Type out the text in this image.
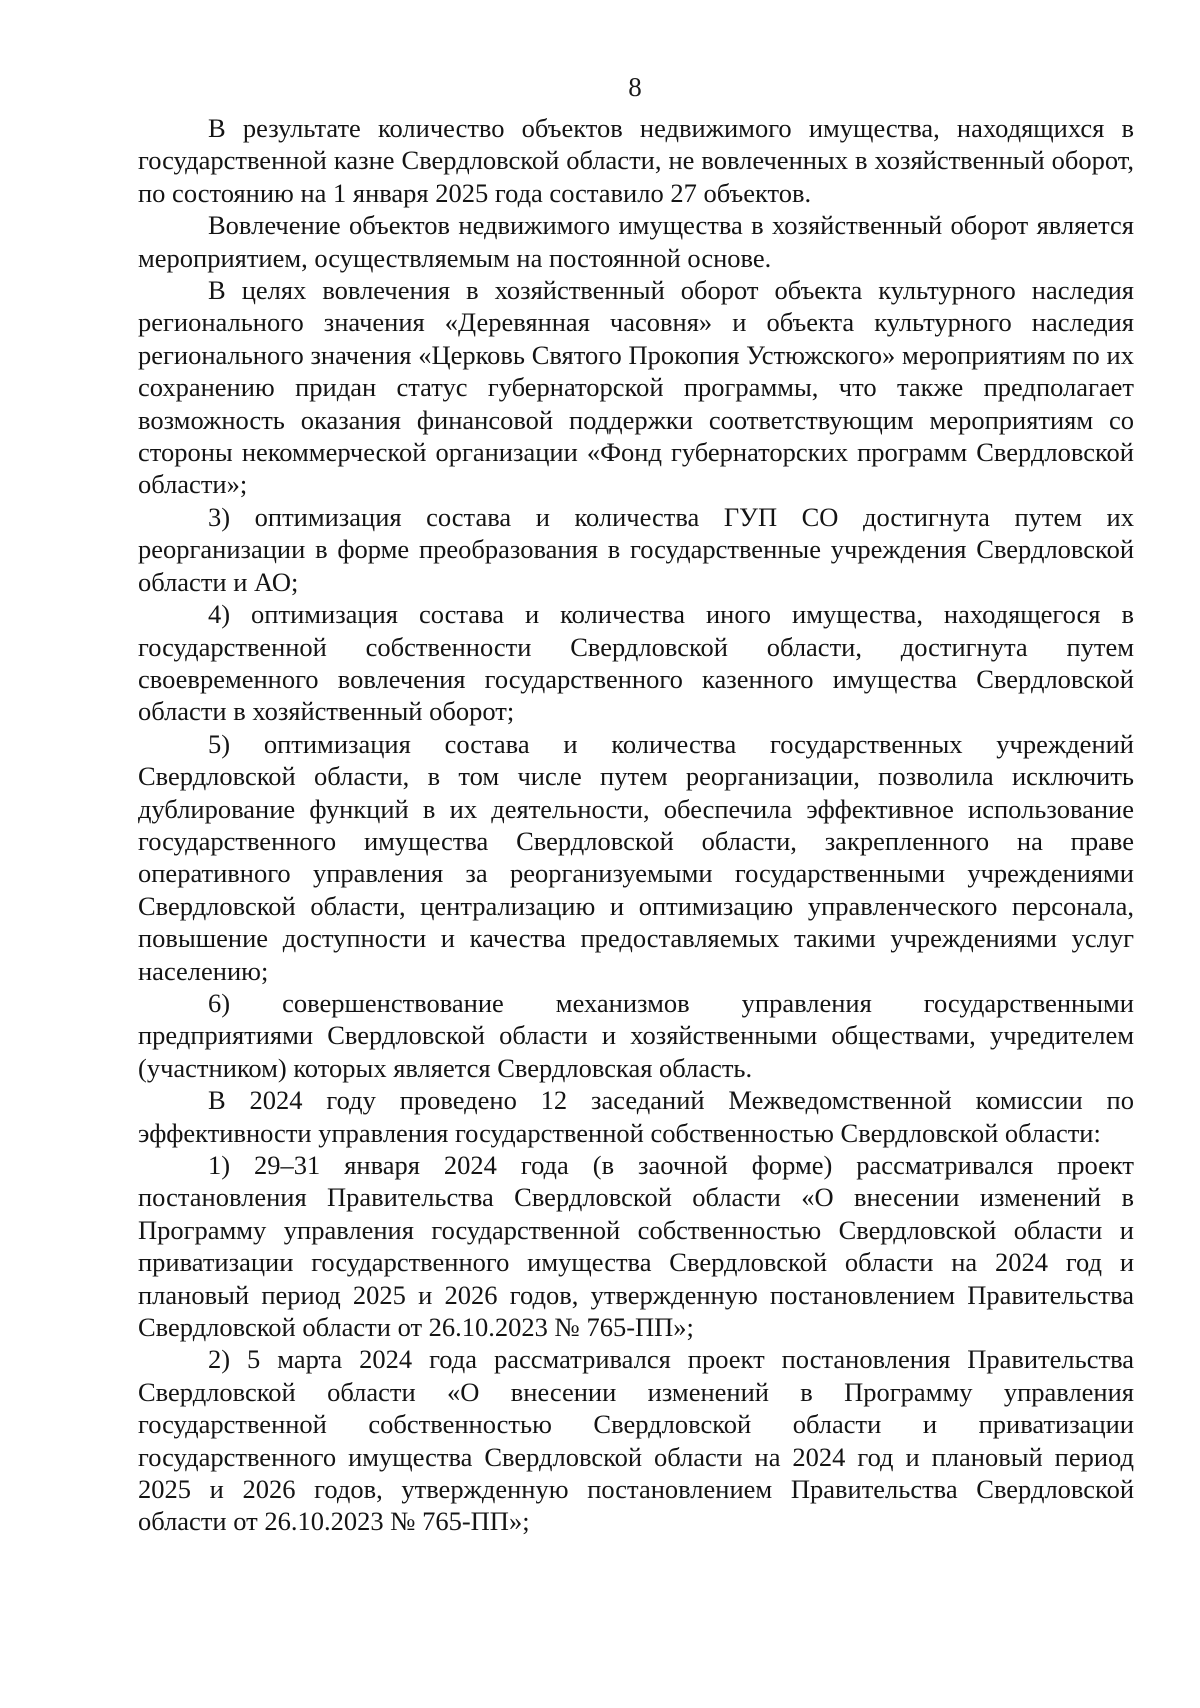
8

В результате количество объектов недвижимого имущества, находящихся в государственной казне Свердловской области, не вовлеченных в хозяйственный оборот, по состоянию на 1 января 2025 года составило 27 объектов.

Вовлечение объектов недвижимого имущества в хозяйственный оборот является мероприятием, осуществляемым на постоянной основе.

В целях вовлечения в хозяйственный оборот объекта культурного наследия регионального значения «Деревянная часовня» и объекта культурного наследия регионального значения «Церковь Святого Прокопия Устюжского» мероприятиям по их сохранению придан статус губернаторской программы, что также предполагает возможность оказания финансовой поддержки соответствующим мероприятиям со стороны некоммерческой организации «Фонд губернаторских программ Свердловской области»;

3) оптимизация состава и количества ГУП СО достигнута путем их реорганизации в форме преобразования в государственные учреждения Свердловской области и АО;

4) оптимизация состава и количества иного имущества, находящегося в государственной собственности Свердловской области, достигнута путем своевременного вовлечения государственного казенного имущества Свердловской области в хозяйственный оборот;

5) оптимизация состава и количества государственных учреждений Свердловской области, в том числе путем реорганизации, позволила исключить дублирование функций в их деятельности, обеспечила эффективное использование государственного имущества Свердловской области, закрепленного на праве оперативного управления за реорганизуемыми государственными учреждениями Свердловской области, централизацию и оптимизацию управленческого персонала, повышение доступности и качества предоставляемых такими учреждениями услуг населению;

6) совершенствование механизмов управления государственными предприятиями Свердловской области и хозяйственными обществами, учредителем (участником) которых является Свердловская область.

В 2024 году проведено 12 заседаний Межведомственной комиссии по эффективности управления государственной собственностью Свердловской области:

1) 29–31 января 2024 года (в заочной форме) рассматривался проект постановления Правительства Свердловской области «О внесении изменений в Программу управления государственной собственностью Свердловской области и приватизации государственного имущества Свердловской области на 2024 год и плановый период 2025 и 2026 годов, утвержденную постановлением Правительства Свердловской области от 26.10.2023 № 765-ПП»;

2) 5 марта 2024 года рассматривался проект постановления Правительства Свердловской области «О внесении изменений в Программу управления государственной собственностью Свердловской области и приватизации государственного имущества Свердловской области на 2024 год и плановый период 2025 и 2026 годов, утвержденную постановлением Правительства Свердловской области от 26.10.2023 № 765-ПП»;
